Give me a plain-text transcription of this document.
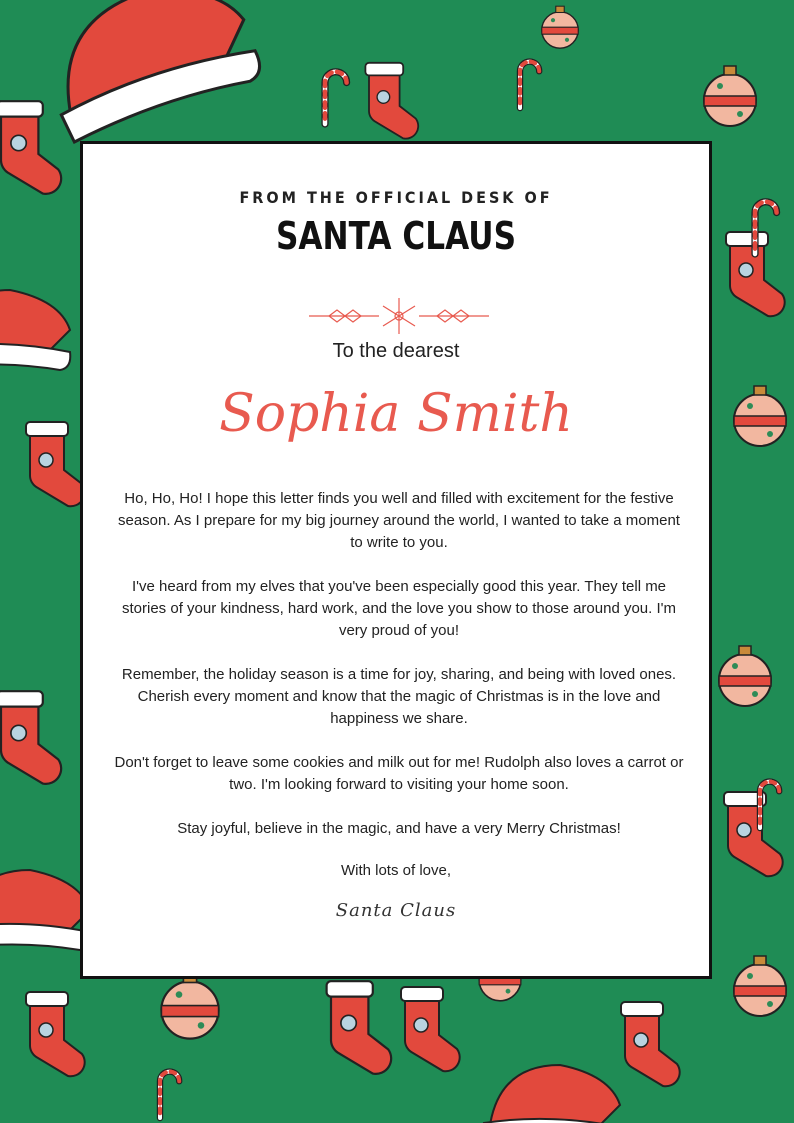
FROM THE OFFICIAL DESK OF
SANTA CLAUS
To the dearest
Sophia Smith

Ho, Ho, Ho! I hope this letter finds you well and filled with excitement for the festive season. As I prepare for my big journey around the world, I wanted to take a moment to write to you.

I've heard from my elves that you've been especially good this year. They tell me stories of your kindness, hard work, and the love you show to those around you. I'm very proud of you!

Remember, the holiday season is a time for joy, sharing, and being with loved ones. Cherish every moment and know that the magic of Christmas is in the love and happiness we share.

Don't forget to leave some cookies and milk out for me! Rudolph also loves a carrot or two. I'm looking forward to visiting your home soon.

Stay joyful, believe in the magic, and have a very Merry Christmas!

With lots of love,
Santa Claus
